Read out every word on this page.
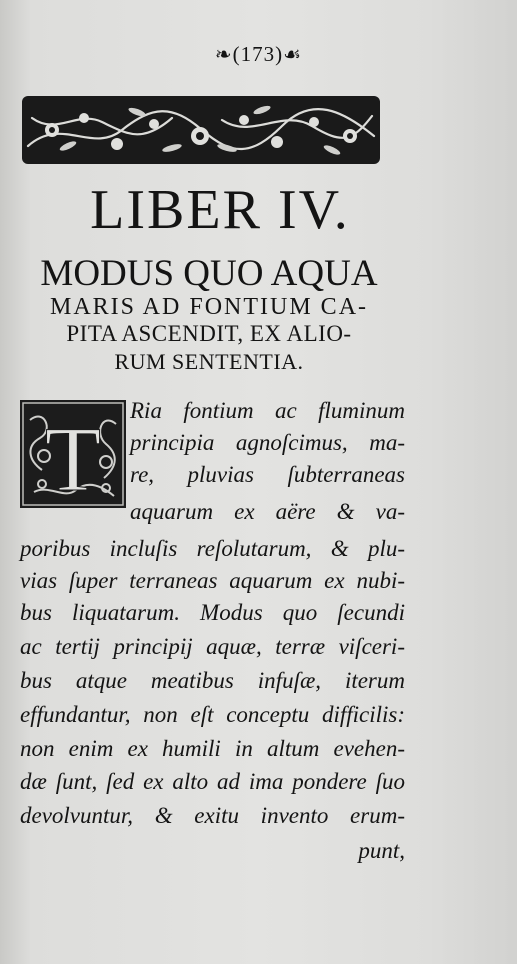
❧(173)☙
LIBER IV.
MODUS QUO AQUA
MARIS AD FONTIUM CA-
PITA ASCENDIT, EX ALIO-
RUM SENTENTIA.
T Ria fontium ac fluminum
principia agnoſcimus, ma-
re, pluvias ſubterraneas
aquarum ex aëre & va-
poribus incluſis reſolutarum, & plu-
vias ſuper terraneas aquarum ex nubi-
bus liquatarum. Modus quo ſecundi
ac tertij principij aquæ, terræ viſceri-
bus atque meatibus infuſæ, iterum
effundantur, non eſt conceptu difficilis:
non enim ex humili in altum evehen-
dæ ſunt, ſed ex alto ad ima pondere ſuo
devolvuntur, & exitu invento erum-
punt,
